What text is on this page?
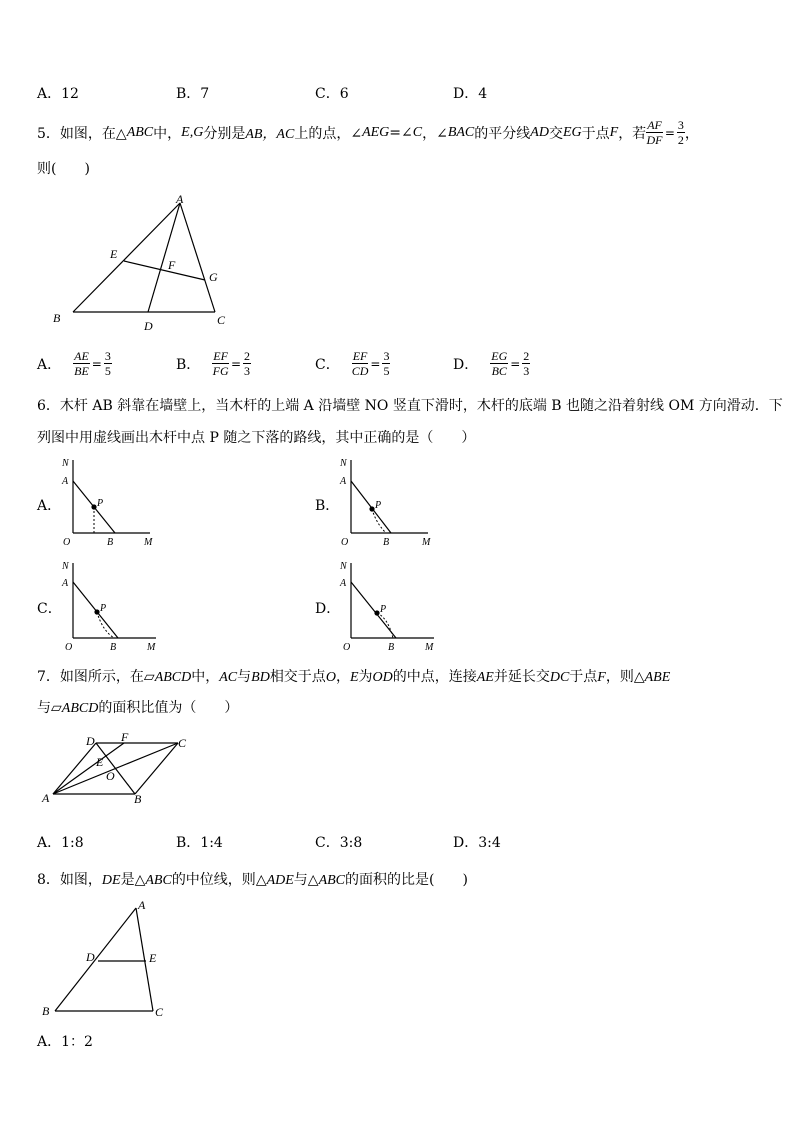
A．12	B．7	C．6	D．4
5． 如图，在△ ABC 中， E,G 分别是 AB，AC 上的点，∠ AEG =∠ C ，∠ BAC 的平分线 AD 交 EG 于点 F ，若 $\frac{AF}{DF} = \frac{3}{2}$ ，
则(　　)
A
B	C
D
E
F
G
A． $\frac{AE}{BE} = \frac{3}{5}$	B． $\frac{EF}{FG} = \frac{2}{3}$	C． $\frac{EF}{CD} = \frac{3}{5}$	D． $\frac{EG}{BC} = \frac{2}{3}$
6．木杆 AB 斜靠在墙壁上，当木杆的上端 A 沿墙壁 NO 竖直下滑时，木杆的底端 B 也随之沿着射线 OM 方向滑动．下
列图中用虚线画出木杆中点 P 随之下落的路线，其中正确的是（　　）
A．
N
A
P
O	B	M
B．
N
A
P
O	B	M
C．
N
A
P
O	B	M
D．
N
A
P
O	B	M
7．如图所示，在▱ABCD中，AC与BD相交于点O，E为OD的中点，连接AE并延长交DC于点F，则△ABE
与▱ABCD的面积比值为（　　）
A	B
C
D
E
F
O
A．1:8	B．1:4	C．3:8	D．3:4
8．如图，DE是△ABC的中位线，则△ADE与△ABC的面积的比是(　　)
A
B	C
D	E
A．1：2
